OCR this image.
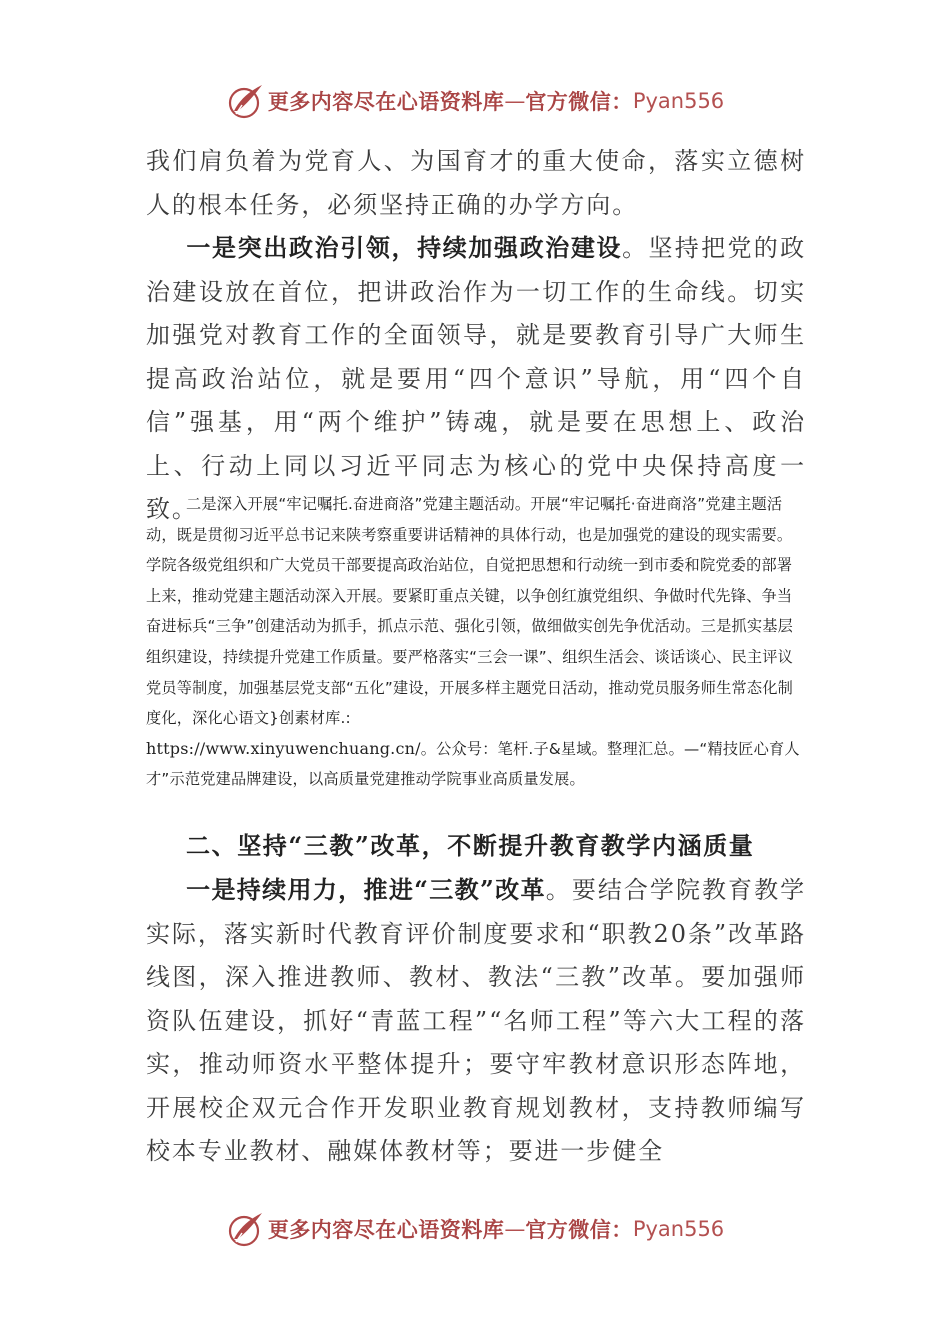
更多内容尽在心语资料库 — 官方微信： Pyan556

我们肩负着为党育人、为国育才的重大使命，落实立德树人的根本任务，必须坚持正确的办学方向。

一是突出政治引领，持续加强政治建设。坚持把党的政治建设放在首位，把讲政治作为一切工作的生命线。切实加强党对教育工作的全面领导，就是要教育引导广大师生提高政治站位，就是要用“四个意识”导航，用“四个自信”强基，用“两个维护”铸魂，就是要在思想上、政治上、行动上同以习近平同志为核心的党中央保持高度一致。

二是深入开展“牢记嘱托.奋进商洛”党建主题活动。开展“牢记嘱托·奋进商洛”党建主题活动，既是贯彻习近平总书记来陕考察重要讲话精神的具体行动，也是加强党的建设的现实需要。学院各级党组织和广大党员干部要提高政治站位，自觉把思想和行动统一到市委和院党委的部署上来，推动党建主题活动深入开展。要紧盯重点关键，以争创红旗党组织、争做时代先锋、争当奋进标兵“三争”创建活动为抓手，抓点示范、强化引领，做细做实创先争优活动。三是抓实基层组织建设，持续提升党建工作质量。要严格落实“三会一课”、组织生活会、谈话谈心、民主评议党员等制度，加强基层党支部“五化”建设，开展多样主题党日活动，推动党员服务师生常态化制度化，深化心语文}创素材库.:
https://www.xinyuwenchuang.cn/。公众号：笔杆.子&星域。整理汇总。—“精技匠心育人才”示范党建品牌建设，以高质量党建推动学院事业高质量发展。

二、坚持“三教”改革，不断提升教育教学内涵质量

一是持续用力，推进“三教”改革。要结合学院教育教学实际，落实新时代教育评价制度要求和“职教20条”改革路线图，深入推进教师、教材、教法“三教”改革。要加强师资队伍建设，抓好“青蓝工程”“名师工程”等六大工程的落实，推动师资水平整体提升；要守牢教材意识形态阵地，开展校企双元合作开发职业教育规划教材，支持教师编写校本专业教材、融媒体教材等；要进一步健全

更多内容尽在心语资料库 — 官方微信： Pyan556
